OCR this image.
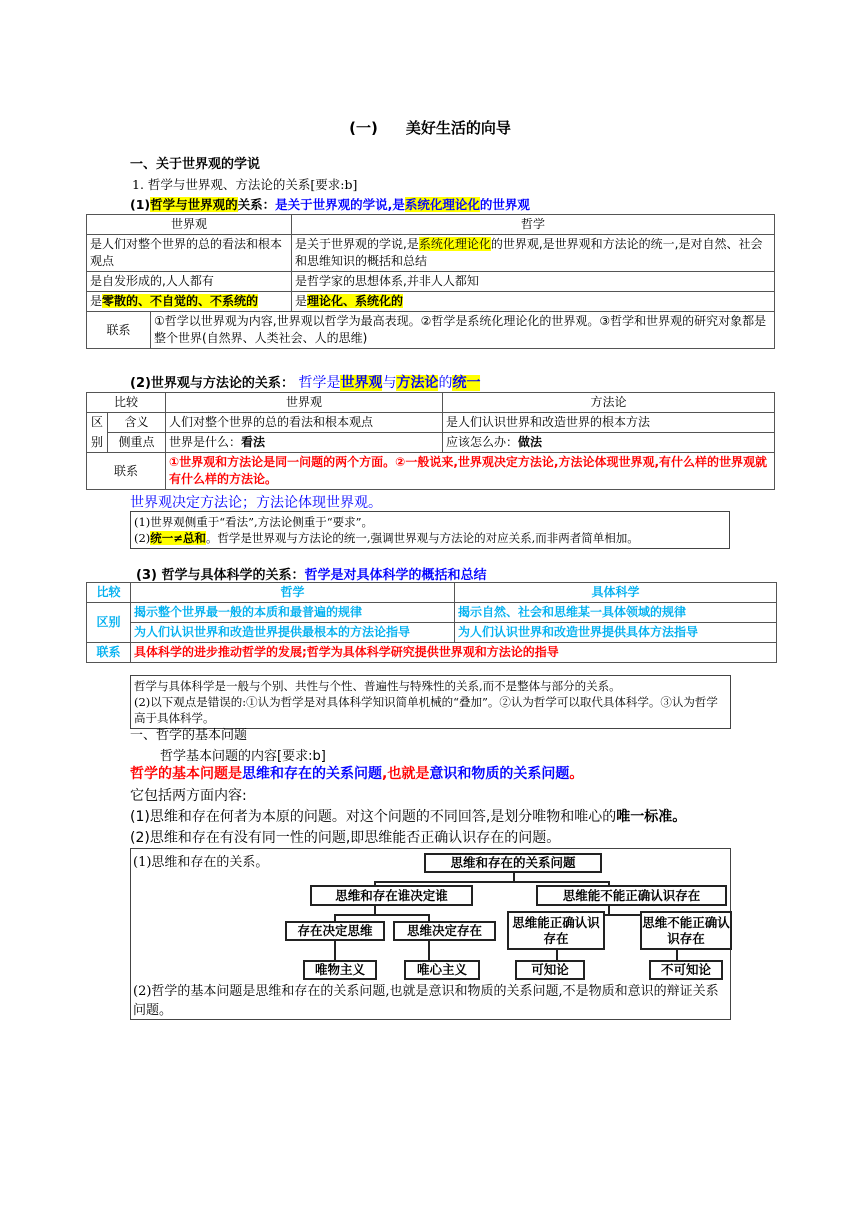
(一) 美好生活的向导
一、关于世界观的学说
1. 哲学与世界观、方法论的关系[要求:b]
(1)哲学与世界观的关系：是关于世界观的学说,是系统化理论化的世界观
世界观		哲学
是人们对整个世界的总的看法和根本观点		是关于世界观的学说,是系统化理论化的世界观,是世界观和方法论的统一,是对自然、社会和思维知识的概括和总结
是自发形成的,人人都有		是哲学家的思想体系,并非人人都知
是零散的、不自觉的、不系统的		是理论化、系统化的
联系	①哲学以世界观为内容,世界观以哲学为最高表现。②哲学是系统化理论化的世界观。③哲学和世界观的研究对象都是整个世界(自然界、人类社会、人的思维)	
(2)世界观与方法论的关系： 哲学是世界观与方法论的统一
比较		世界观	方法论
区	含义	人们对整个世界的总的看法和根本观点	是人们认识世界和改造世界的根本方法
别	侧重点	世界是什么：看法	应该怎么办：做法
联系		①世界观和方法论是同一问题的两个方面。②一般说来,世界观决定方法论,方法论体现世界观,有什么样的世界观就有什么样的方法论。	
世界观决定方法论；方法论体现世界观。
(1)世界观侧重于“看法”,方法论侧重于“要求”。
(2)统一≠总和。哲学是世界观与方法论的统一,强调世界观与方法论的对应关系,而非两者简单相加。
(3) 哲学与具体科学的关系：哲学是对具体科学的概括和总结
比较	哲学	具体科学
区别	揭示整个世界最一般的本质和最普遍的规律	揭示自然、社会和思维某一具体领域的规律
	为人们认识世界和改造世界提供最根本的方法论指导	为人们认识世界和改造世界提供具体方法指导
联系	具体科学的进步推动哲学的发展;哲学为具体科学研究提供世界观和方法论的指导	
哲学与具体科学是一般与个别、共性与个性、普遍性与特殊性的关系,而不是整体与部分的关系。
(2)以下观点是错误的:①认为哲学是对具体科学知识简单机械的“叠加”。②认为哲学可以取代具体科学。③认为哲学高于具体科学。
一、哲学的基本问题
哲学基本问题的内容[要求:b]
哲学的基本问题是思维和存在的关系问题,也就是意识和物质的关系问题。
它包括两方面内容:
(1)思维和存在何者为本原的问题。对这个问题的不同回答,是划分唯物和唯心的唯一标准。
(2)思维和存在有没有同一性的问题,即思维能否正确认识存在的问题。
(1)思维和存在的关系。	思维和存在的关系问题
思维和存在谁决定谁	思维能不能正确认识存在
存在决定思维	思维决定存在
思维能正确认识存在
思维不能正确认识存在
唯物主义	唯心主义	可知论	不可知论
(2)哲学的基本问题是思维和存在的关系问题,也就是意识和物质的关系问题,不是物质和意识的辩证关系问题。
